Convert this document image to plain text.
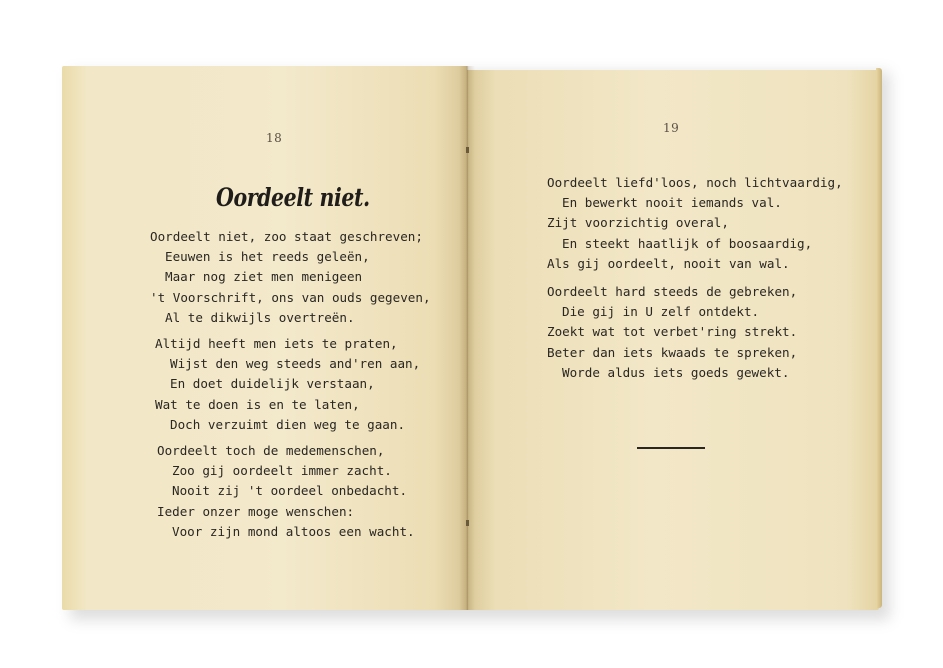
18
Oordeelt niet.
Oordeelt niet, zoo staat geschreven;
Eeuwen is het reeds geleën,
Maar nog ziet men menigeen
't Voorschrift, ons van ouds gegeven,
Al te dikwijls overtreën.
Altijd heeft men iets te praten,
Wijst den weg steeds and'ren aan,
En doet duidelijk verstaan,
Wat te doen is en te laten,
Doch verzuimt dien weg te gaan.
Oordeelt toch de medemenschen,
Zoo gij oordeelt immer zacht.
Nooit zij 't oordeel onbedacht.
Ieder onzer moge wenschen:
Voor zijn mond altoos een wacht.
19
Oordeelt liefd'loos, noch lichtvaardig,
En bewerkt nooit iemands val.
Zijt voorzichtig overal,
En steekt haatlijk of boosaardig,
Als gij oordeelt, nooit van wal.
Oordeelt hard steeds de gebreken,
Die gij in U zelf ontdekt.
Zoekt wat tot verbet'ring strekt.
Beter dan iets kwaads te spreken,
Worde aldus iets goeds gewekt.
